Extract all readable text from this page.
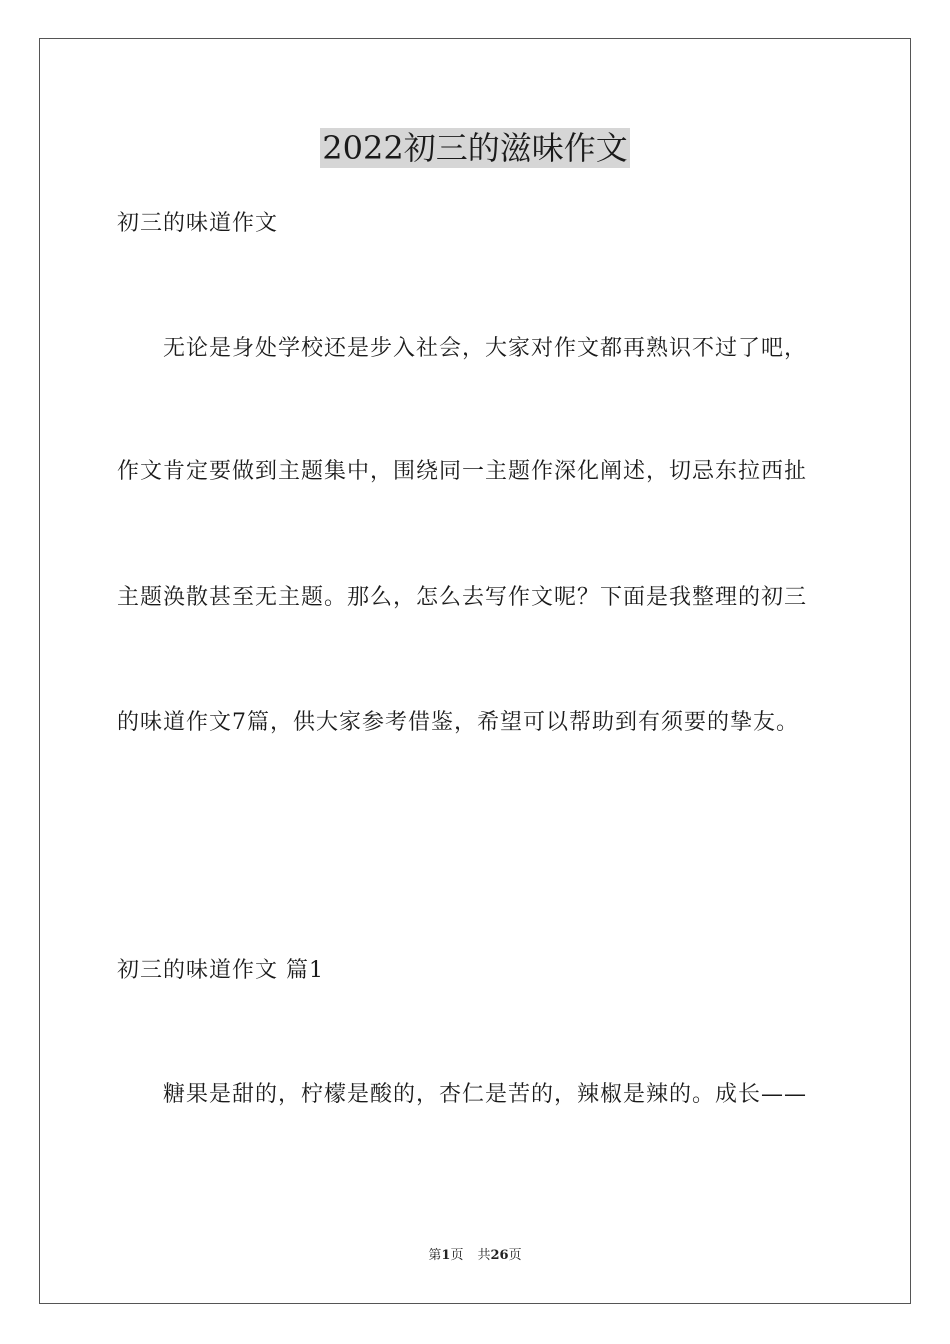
2022初三的滋味作文
初三的味道作文
无论是身处学校还是步入社会，大家对作文都再熟识不过了吧，
作文肯定要做到主题集中，围绕同一主题作深化阐述，切忌东拉西扯
主题涣散甚至无主题。那么，怎么去写作文呢？下面是我整理的初三
的味道作文7篇，供大家参考借鉴，希望可以帮助到有须要的挚友。
初三的味道作文 篇1
糖果是甜的，柠檬是酸的，杏仁是苦的，辣椒是辣的。成长——
第1页 共26页
